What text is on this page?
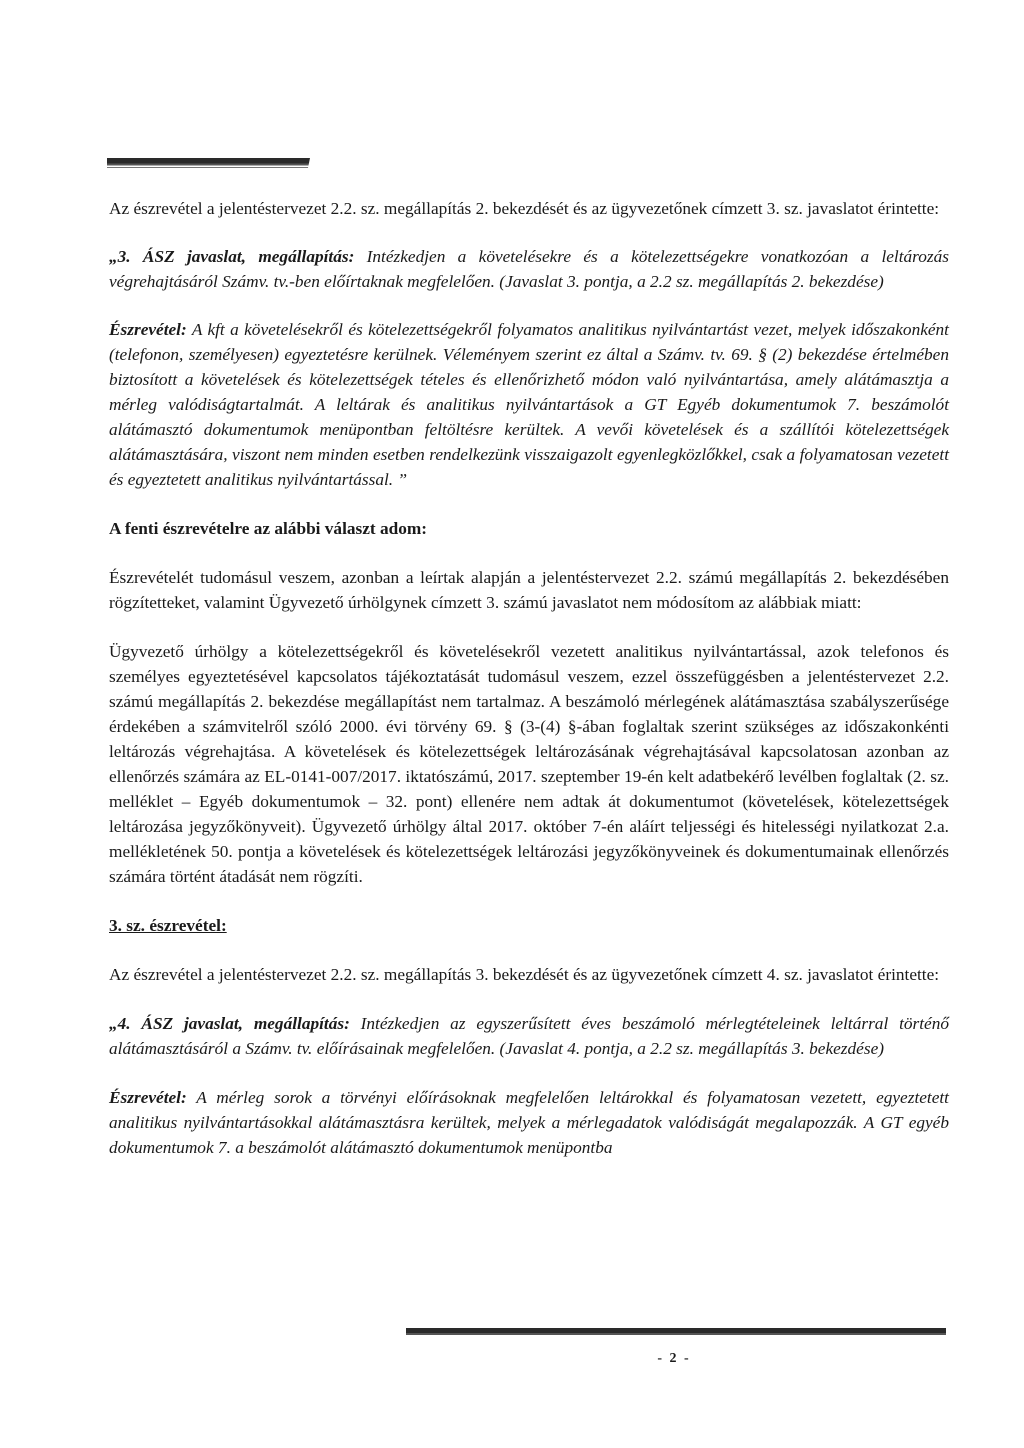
Az észrevétel a jelentéstervezet 2.2. sz. megállapítás 2. bekezdését és az ügyvezetőnek címzett 3. sz. javaslatot érintette:

„3. ÁSZ javaslat, megállapítás: Intézkedjen a követelésekre és a kötelezettségekre vonatkozóan a leltározás végrehajtásáról Számv. tv.-ben előírtaknak megfelelően. (Javaslat 3. pontja, a 2.2 sz. megállapítás 2. bekezdése)

Észrevétel: A kft a követelésekről és kötelezettségekről folyamatos analitikus nyilvántartást vezet, melyek időszakonként (telefonon, személyesen) egyeztetésre kerülnek. Véleményem szerint ez által a Számv. tv. 69. § (2) bekezdése értelmében biztosított a követelések és kötelezettségek tételes és ellenőrizhető módon való nyilvántartása, amely alátámasztja a mérleg valódiságtartalmát. A leltárak és analitikus nyilvántartások a GT Egyéb dokumentumok 7. beszámolót alátámasztó dokumentumok menüpontban feltöltésre kerültek. A vevői követelések és a szállítói kötelezettségek alátámasztására, viszont nem minden esetben rendelkezünk visszaigazolt egyenlegközlőkkel, csak a folyamatosan vezetett és egyeztetett analitikus nyilvántartással. ”

A fenti észrevételre az alábbi választ adom:

Észrevételét tudomásul veszem, azonban a leírtak alapján a jelentéstervezet 2.2. számú megállapítás 2. bekezdésében rögzítetteket, valamint Ügyvezető úrhölgynek címzett 3. számú javaslatot nem módosítom az alábbiak miatt:

Ügyvezető úrhölgy a kötelezettségekről és követelésekről vezetett analitikus nyilvántartással, azok telefonos és személyes egyeztetésével kapcsolatos tájékoztatását tudomásul veszem, ezzel összefüggésben a jelentéstervezet 2.2. számú megállapítás 2. bekezdése megállapítást nem tartalmaz. A beszámoló mérlegének alátámasztása szabályszerűsége érdekében a számvitelről szóló 2000. évi törvény 69. § (3-(4) §-ában foglaltak szerint szükséges az időszakonkénti leltározás végrehajtása. A követelések és kötelezettségek leltározásának végrehajtásával kapcsolatosan azonban az ellenőrzés számára az EL-0141-007/2017. iktatószámú, 2017. szeptember 19-én kelt adatbekérő levélben foglaltak (2. sz. melléklet – Egyéb dokumentumok – 32. pont) ellenére nem adtak át dokumentumot (követelések, kötelezettségek leltározása jegyzőkönyveit). Ügyvezető úrhölgy által 2017. október 7-én aláírt teljességi és hitelességi nyilatkozat 2.a. mellékletének 50. pontja a követelések és kötelezettségek leltározási jegyzőkönyveinek és dokumentumainak ellenőrzés számára történt átadását nem rögzíti.

3. sz. észrevétel:

Az észrevétel a jelentéstervezet 2.2. sz. megállapítás 3. bekezdését és az ügyvezetőnek címzett 4. sz. javaslatot érintette:

„4. ÁSZ javaslat, megállapítás: Intézkedjen az egyszerűsített éves beszámoló mérlegtételeinek leltárral történő alátámasztásáról a Számv. tv. előírásainak megfelelően. (Javaslat 4. pontja, a 2.2 sz. megállapítás 3. bekezdése)

Észrevétel: A mérleg sorok a törvényi előírásoknak megfelelően leltárokkal és folyamatosan vezetett, egyeztetett analitikus nyilvántartásokkal alátámasztásra kerültek, melyek a mérlegadatok valódiságát megalapozzák. A GT egyéb dokumentumok 7. a beszámolót alátámasztó dokumentumok menüpontba

- 2 -
